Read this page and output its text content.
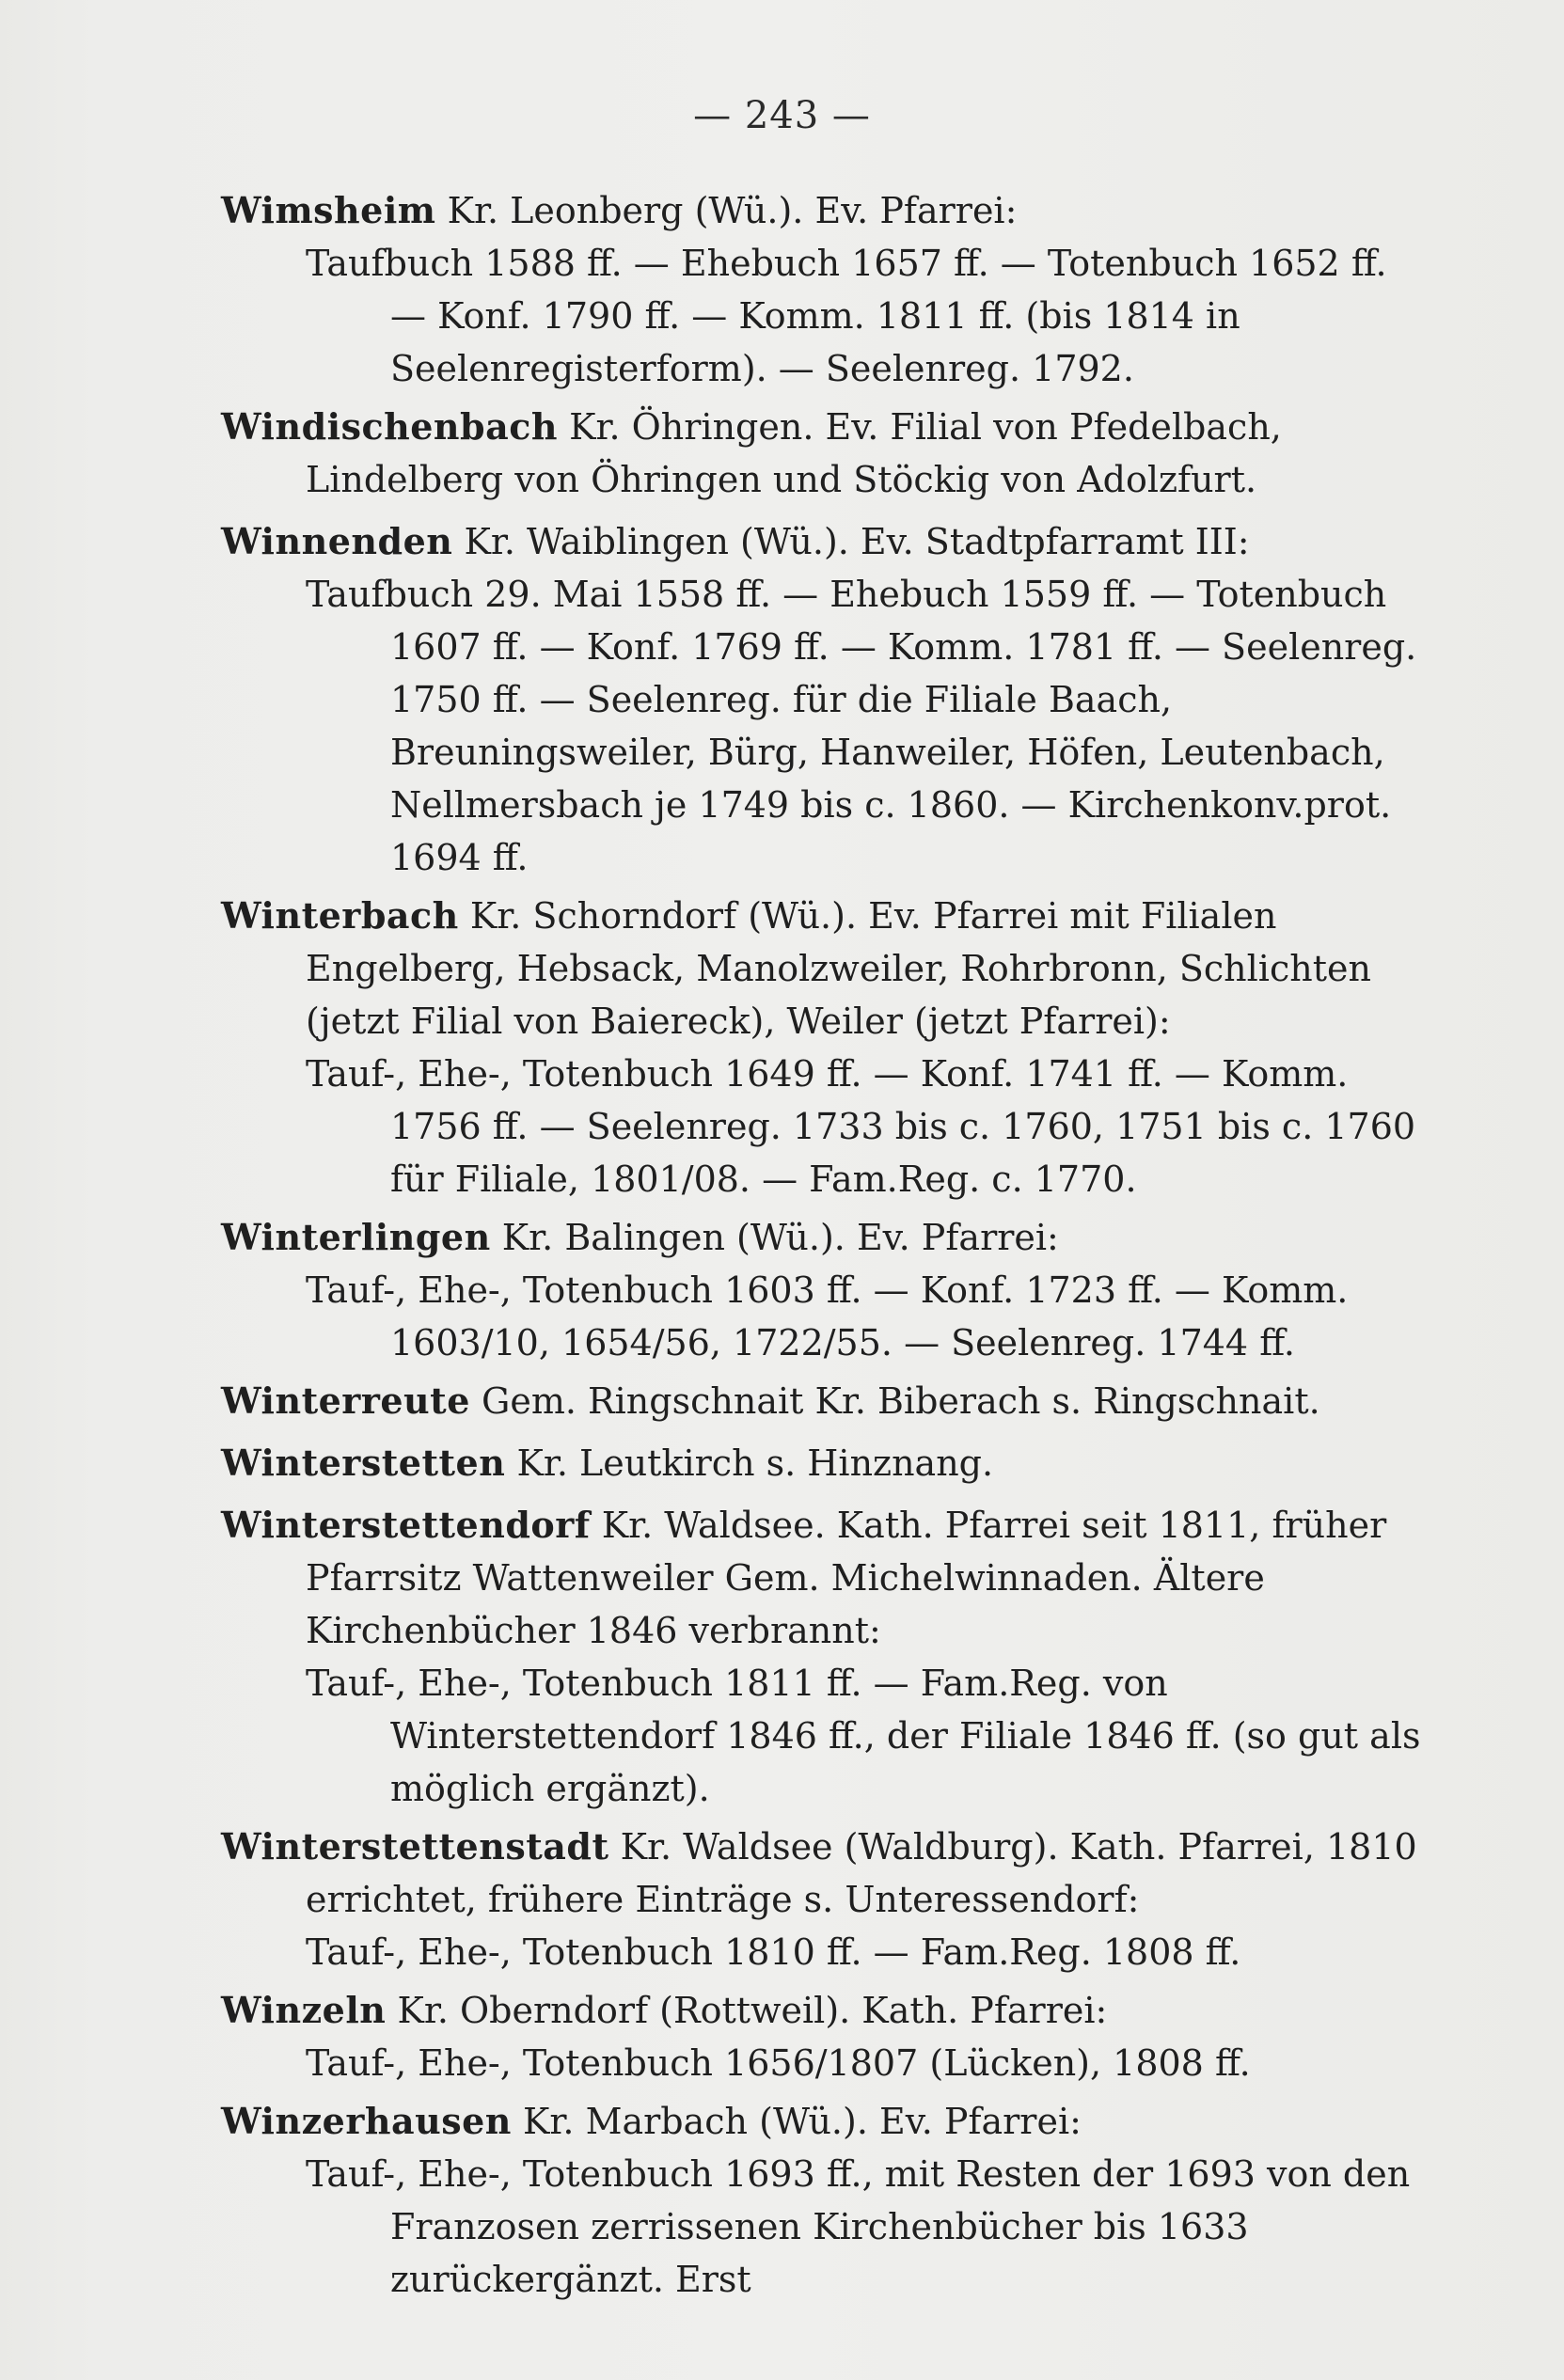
— 243 —

Wimsheim Kr. Leonberg (Wü.). Ev. Pfarrei:

Taufbuch 1588 ff. — Ehebuch 1657 ff. — Totenbuch 1652 ff. — Konf. 1790 ff. — Komm. 1811 ff. (bis 1814 in Seelenregisterform). — Seelenreg. 1792.

Windischenbach Kr. Öhringen. Ev. Filial von Pfedelbach, Lindelberg von Öhringen und Stöckig von Adolzfurt.

Winnenden Kr. Waiblingen (Wü.). Ev. Stadtpfarramt III:

Taufbuch 29. Mai 1558 ff. — Ehebuch 1559 ff. — Totenbuch 1607 ff. — Konf. 1769 ff. — Komm. 1781 ff. — Seelenreg. 1750 ff. — Seelenreg. für die Filiale Baach, Breuningsweiler, Bürg, Hanweiler, Höfen, Leutenbach, Nellmersbach je 1749 bis c. 1860. — Kirchenkonv.prot. 1694 ff.

Winterbach Kr. Schorndorf (Wü.). Ev. Pfarrei mit Filialen Engelberg, Hebsack, Manolzweiler, Rohrbronn, Schlichten (jetzt Filial von Baiereck), Weiler (jetzt Pfarrei):

Tauf-, Ehe-, Totenbuch 1649 ff. — Konf. 1741 ff. — Komm. 1756 ff. — Seelenreg. 1733 bis c. 1760, 1751 bis c. 1760 für Filiale, 1801/08. — Fam.Reg. c. 1770.

Winterlingen Kr. Balingen (Wü.). Ev. Pfarrei:

Tauf-, Ehe-, Totenbuch 1603 ff. — Konf. 1723 ff. — Komm. 1603/10, 1654/56, 1722/55. — Seelenreg. 1744 ff.

Winterreute Gem. Ringschnait Kr. Biberach s. Ringschnait.

Winterstetten Kr. Leutkirch s. Hinznang.

Winterstettendorf Kr. Waldsee. Kath. Pfarrei seit 1811, früher Pfarrsitz Wattenweiler Gem. Michelwinnaden. Ältere Kirchenbücher 1846 verbrannt:

Tauf-, Ehe-, Totenbuch 1811 ff. — Fam.Reg. von Winterstettendorf 1846 ff., der Filiale 1846 ff. (so gut als möglich ergänzt).

Winterstettenstadt Kr. Waldsee (Waldburg). Kath. Pfarrei, 1810 errichtet, frühere Einträge s. Unteressendorf:

Tauf-, Ehe-, Totenbuch 1810 ff. — Fam.Reg. 1808 ff.

Winzeln Kr. Oberndorf (Rottweil). Kath. Pfarrei:

Tauf-, Ehe-, Totenbuch 1656/1807 (Lücken), 1808 ff.

Winzerhausen Kr. Marbach (Wü.). Ev. Pfarrei:

Tauf-, Ehe-, Totenbuch 1693 ff., mit Resten der 1693 von den Franzosen zerrissenen Kirchenbücher bis 1633 zurückergänzt. Erst
